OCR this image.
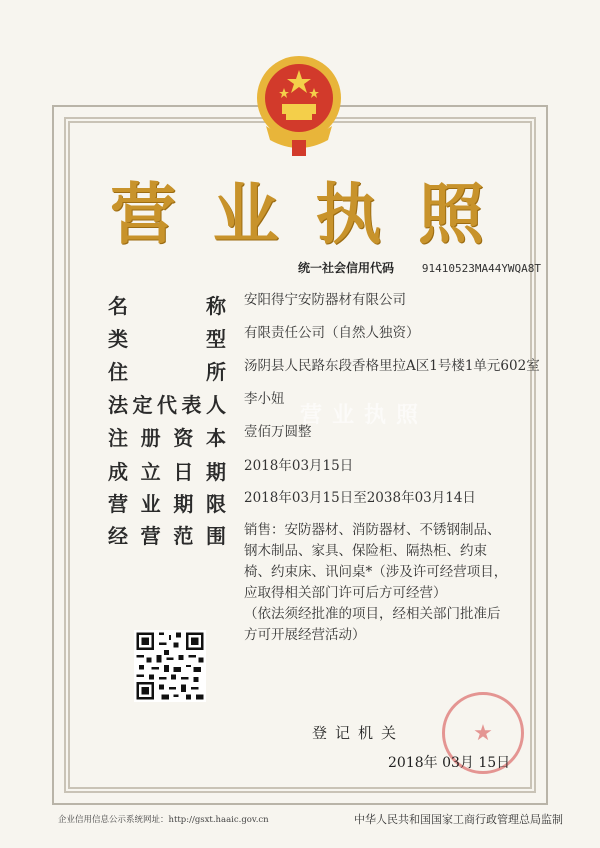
营 业 执 照
统一社会信用代码	91410523MA44YWQA8T
名	称 安阳得宁安防器材有限公司
类	型 有限责任公司（自然人独资）
住	所 汤阴县人民路东段香格里拉A区1号楼1单元602室
法 定 代 表 人 李小妞
营业执照
注 册 资 本 壹佰万圆整
成 立 日 期 2018年03月15日
营 业 期 限 2018年03月15日至2038年03月14日
经 营 范 围 销售：安防器材、消防器材、不锈钢制品、
钢木制品、家具、保险柜、隔热柜、约束
椅、约束床、讯问桌*（涉及许可经营项目，
应取得相关部门许可后方可经营）
（依法须经批准的项目，经相关部门批准后
方可开展经营活动）
★
登记机关
2018年 03月 15日
企业信用信息公示系统网址：http://gsxt.haaic.gov.cn	中华人民共和国国家工商行政管理总局监制
